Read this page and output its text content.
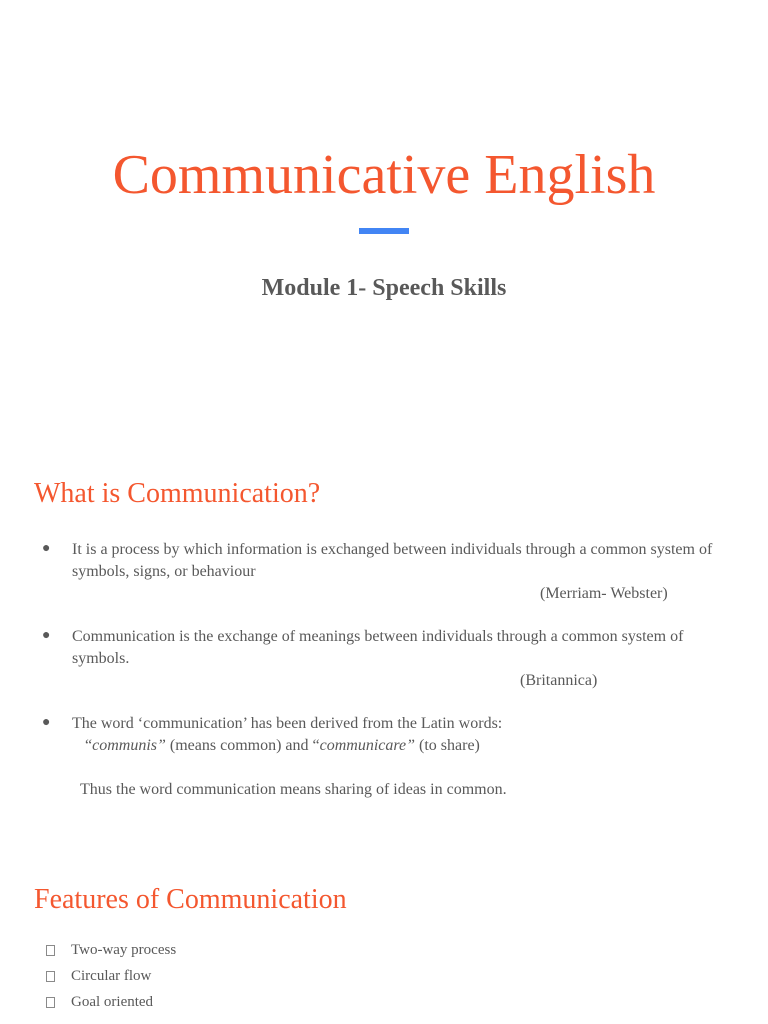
Communicative English
Module 1- Speech Skills
What is Communication?
● It is a process by which information is exchanged between individuals through a common system of symbols, signs, or behaviour

(Merriam- Webster)
● Communication is the exchange of meanings between individuals through a common system of symbols.

(Britannica)
● The word ‘communication’ has been derived from the Latin words:

“communis” (means common) and “communicare” (to share)
Thus the word communication means sharing of ideas in common.
Features of Communication
Two-way process
Circular flow
Goal oriented
